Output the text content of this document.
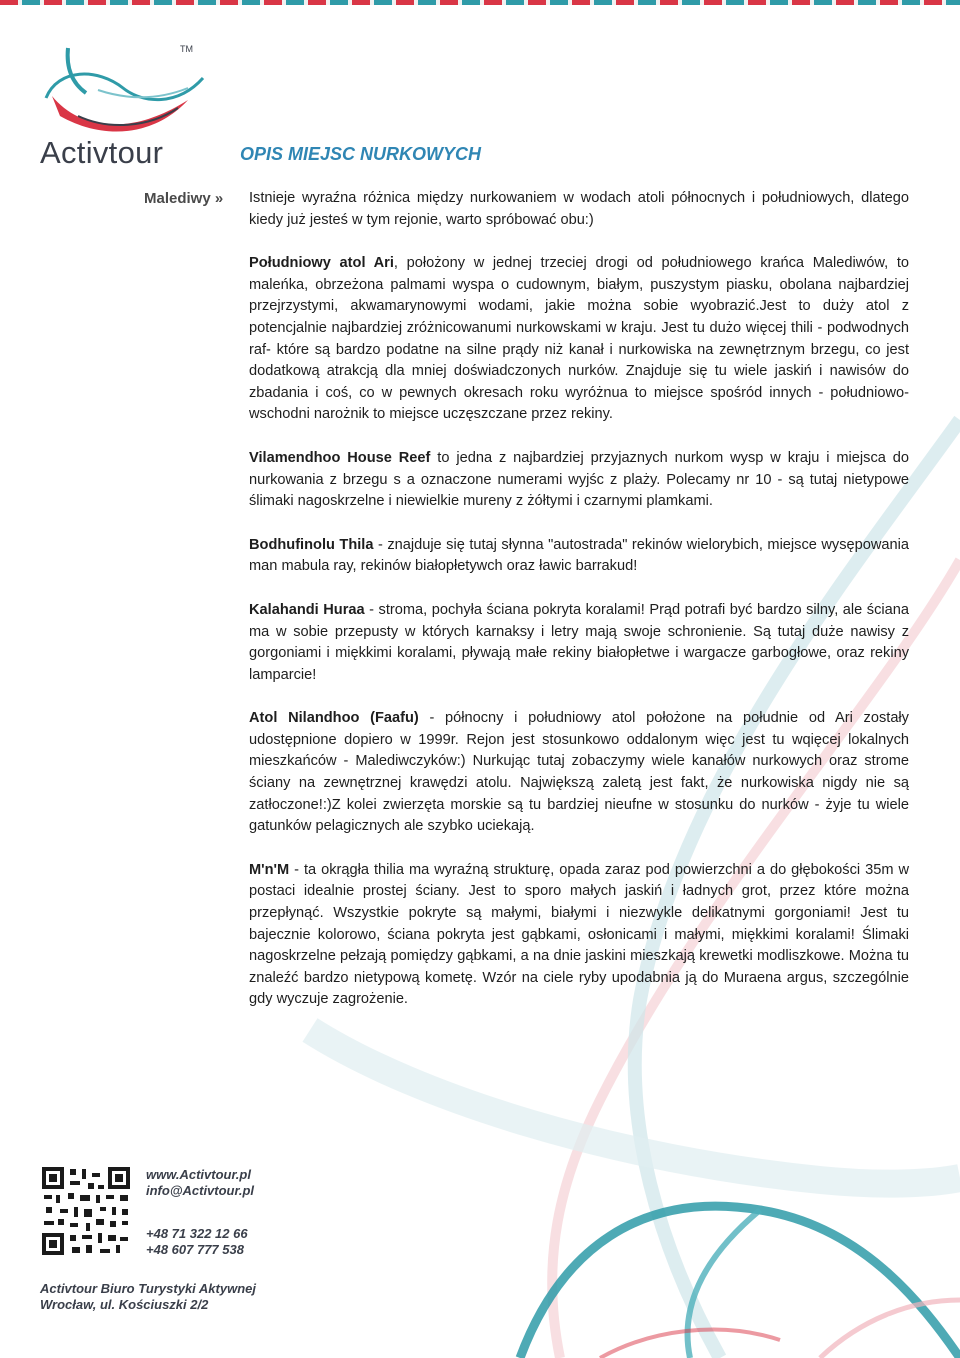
TM
Activtour	OPIS MIEJSC NURKOWYCH
Malediwy » Istnieje wyraźna różnica między nurkowaniem w wodach atoli północnych i południowych, dlatego kiedy już jesteś w tym rejonie, warto spróbować obu:)

Południowy atol Ari, położony w jednej trzeciej drogi od południowego krańca Malediwów, to maleńka, obrzeżona palmami wyspa o cudownym, białym, puszystym piasku, obolana najbardziej przejrzystymi, akwamarynowymi wodami, jakie można sobie wyobrazić.Jest to duży atol z potencjalnie najbardziej zróżnicowanumi nurkowskami w kraju. Jest tu dużo więcej thili - podwodnych raf- które są bardzo podatne na silne prądy niż kanał i nurkowiska na zewnętrznym brzegu, co jest dodatkową atrakcją dla mniej doświadczonych nurków. Znajduje się tu wiele jaskiń i nawisów do zbadania i coś, co w pewnych okresach roku wyróżnua to miejsce spośród innych - południowo-wschodni narożnik to miejsce uczęszczane przez rekiny.

Vilamendhoo House Reef to jedna z najbardziej przyjaznych nurkom wysp w kraju i miejsca do nurkowania z brzegu s a oznaczone numerami wyjśc z plaży. Polecamy nr 10 - są tutaj nietypowe ślimaki nagoskrzelne i niewielkie mureny z żółtymi i czarnymi plamkami.

Bodhufinolu Thila - znajduje się tutaj słynna "autostrada" rekinów wielorybich, miejsce wysępowania man mabula ray, rekinów białopłetywch oraz ławic barrakud!

Kalahandi Huraa - stroma, pochyła ściana pokryta koralami! Prąd potrafi być bardzo silny, ale ściana ma w sobie przepusty w których karnaksy i letry mają swoje schronienie. Są tutaj duże nawisy z gorgoniami i miękkimi koralami, pływają małe rekiny białopłetwe i wargacze garbogłowe, oraz rekiny lamparcie!

Atol Nilandhoo (Faafu) - północny i południowy atol położone na południe od Ari zostały udostępnione dopiero w 1999r. Rejon jest stosunkowo oddalonym więc jest tu wqięcej lokalnych mieszkańców - Malediwczyków:) Nurkując tutaj zobaczymy wiele kanałów nurkowych oraz strome ściany na zewnętrznej krawędzi atolu. Największą zaletą jest fakt, że nurkowiska nigdy nie są zatłoczone!:)Z kolei zwierzęta morskie są tu bardziej nieufne w stosunku do nurków - żyje tu wiele gatunków pelagicznych ale szybko uciekają.

M'n'M - ta okrągła thilia ma wyraźną strukturę, opada zaraz pod powierzchni a do głębokości 35m w postaci idealnie prostej ściany. Jest to sporo małych jaskiń i ładnych grot, przez które można przepłynąć. Wszystkie pokryte są małymi, białymi i niezwykle delikatnymi gorgoniami! Jest tu bajecznie kolorowo, ściana pokryta jest gąbkami, osłonicami i małymi, miękkimi koralami! Ślimaki nagoskrzelne pełzają pomiędzy gąbkami, a na dnie jaskini mieszkają krewetki modliszkowe. Można tu znaleźć bardzo nietypową kometę. Wzór na ciele ryby upodabnia ją do Muraena argus, szczególnie gdy wyczuje zagrożenie.

www.Activtour.pl
info@Activtour.pl
+48 71 322 12 66
+48 607 777 538
Activtour Biuro Turystyki Aktywnej
Wrocław, ul. Kościuszki 2/2
